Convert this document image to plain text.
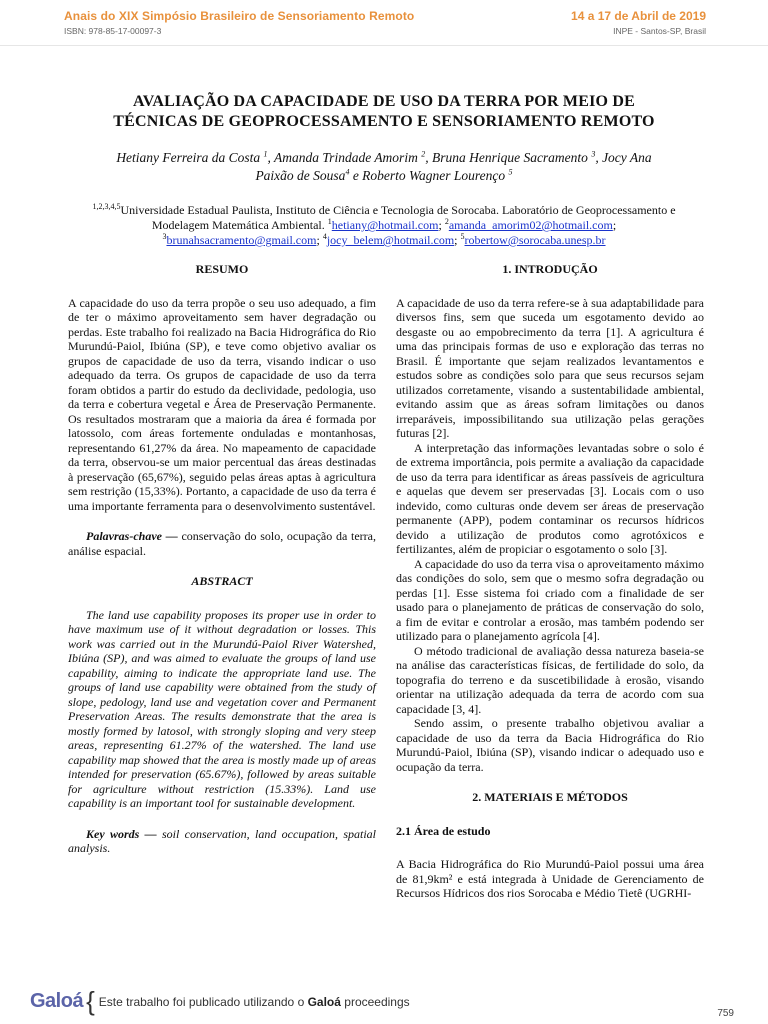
Anais do XIX Simpósio Brasileiro de Sensoriamento Remoto
ISBN: 978-85-17-00097-3
14 a 17 de Abril de 2019
INPE - Santos-SP, Brasil
AVALIAÇÃO DA CAPACIDADE DE USO DA TERRA POR MEIO DE
TÉCNICAS DE GEOPROCESSAMENTO E SENSORIAMENTO REMOTO
Hetiany Ferreira da Costa $^1$, Amanda Trindade Amorim $^2$, Bruna Henrique Sacramento $^3$, Jocy Ana
Paixão de Sousa$^4$ e Roberto Wagner Lourenço $^5$
$^{1,2,3,4,5}$Universidade Estadual Paulista, Instituto de Ciência e Tecnologia de Sorocaba. Laboratório de Geoprocessamento e
Modelagem Matemática Ambiental. $^1$hetiany@hotmail.com; $^2$amanda_amorim02@hotmail.com;
$^3$brunahsacramento@gmail.com; $^4$jocy_belem@hotmail.com; $^5$robertow@sorocaba.unesp.br
RESUMO

A capacidade do uso da terra propõe o seu uso adequado, a fim de ter o máximo aproveitamento sem haver degradação ou perdas. Este trabalho foi realizado na Bacia Hidrográfica do Rio Murundú-Paiol, Ibiúna (SP), e teve como objetivo avaliar os grupos de capacidade de uso da terra, visando indicar o uso adequado da terra. Os grupos de capacidade de uso da terra foram obtidos a partir do estudo da declividade, pedologia, uso da terra e cobertura vegetal e Área de Preservação Permanente. Os resultados mostraram que a maioria da área é formada por latossolo, com áreas fortemente onduladas e montanhosas, representando 61,27% da área. No mapeamento de capacidade da terra, observou-se um maior percentual das áreas destinadas à preservação (65,67%), seguido pelas áreas aptas à agricultura sem restrição (15,33%). Portanto, a capacidade de uso da terra é uma importante ferramenta para o desenvolvimento sustentável.

Palavras-chave — conservação do solo, ocupação da terra, análise espacial.

ABSTRACT

The land use capability proposes its proper use in order to have maximum use of it without degradation or losses. This work was carried out in the Murundú-Paiol River Watershed, Ibiúna (SP), and was aimed to evaluate the groups of land use capability, aiming to indicate the appropriate land use. The groups of land use capability were obtained from the study of slope, pedology, land use and vegetation cover and Permanent Preservation Areas. The results demonstrate that the area is mostly formed by latosol, with strongly sloping and very steep areas, representing 61.27% of the watershed. The land use capability map showed that the area is mostly made up of areas intended for preservation (65.67%), followed by areas suitable for agriculture without restriction (15.33%). Land use capability is an important tool for sustainable development.

Key words — soil conservation, land occupation, spatial analysis.

1. INTRODUÇÃO

A capacidade de uso da terra refere-se à sua adaptabilidade para diversos fins, sem que suceda um esgotamento devido ao desgaste ou ao empobrecimento da terra [1]. A agricultura é uma das principais formas de uso e exploração das terras no Brasil. É importante que sejam realizados levantamentos e estudos sobre as condições solo para que seus recursos sejam utilizados corretamente, visando a sustentabilidade ambiental, evitando assim que as áreas sofram limitações ou danos irreparáveis, impossibilitando sua utilização pelas gerações futuras [2].

A interpretação das informações levantadas sobre o solo é de extrema importância, pois permite a avaliação da capacidade de uso da terra para identificar as áreas passíveis de agricultura e aquelas que devem ser preservadas [3]. Locais com o uso indevido, como culturas onde devem ser áreas de preservação permanente (APP), podem contaminar os recursos hídricos devido a utilização de produtos como agrotóxicos e fertilizantes, além de propiciar o esgotamento o solo [3].

A capacidade do uso da terra visa o aproveitamento máximo das condições do solo, sem que o mesmo sofra degradação ou perdas [1]. Esse sistema foi criado com a finalidade de ser usado para o planejamento de práticas de conservação do solo, a fim de evitar e controlar a erosão, mas também podendo ser utilizado para o planejamento agrícola [4].

O método tradicional de avaliação dessa natureza baseia-se na análise das características físicas, de fertilidade do solo, da topografia do terreno e da suscetibilidade à erosão, visando orientar na utilização adequada da terra de acordo com sua capacidade [3, 4].

Sendo assim, o presente trabalho objetivou avaliar a capacidade de uso da terra da Bacia Hidrográfica do Rio Murundú-Paiol, Ibiúna (SP), visando indicar o adequado uso e ocupação da terra.

2. MATERIAIS E MÉTODOS
2.1 Área de estudo

A Bacia Hidrográfica do Rio Murundú-Paiol possui uma área de 81,9km² e está integrada à Unidade de Gerenciamento de Recursos Hídricos dos rios Sorocaba e Médio Tietê (UGRHI-

Galoá { Este trabalho foi publicado utilizando o Galoá proceedings
759
